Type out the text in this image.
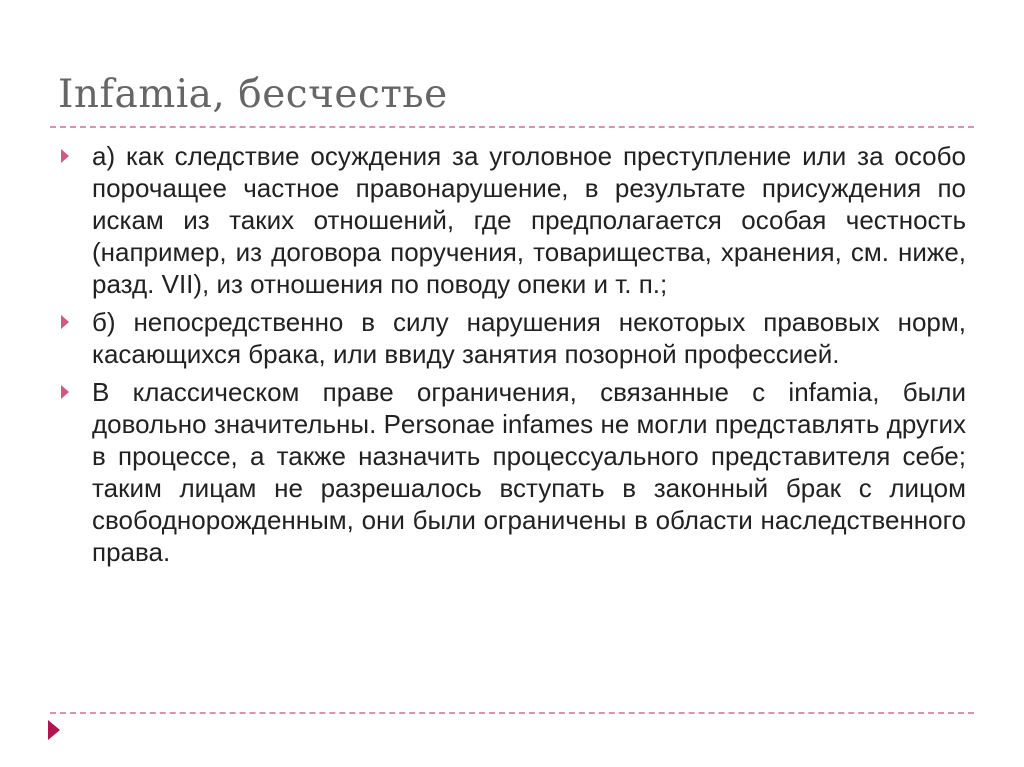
Infamia, бесчестье
а) как следствие осуждения за уголовное преступление или за особо порочащее частное правонарушение, в результате присуждения по искам из таких отношений, где предполагается особая честность (например, из договора поручения, товарищества, хранения, см. ниже, разд. VII), из отношения по поводу опеки и т. п.;
б) непосредственно в силу нарушения некоторых правовых норм, касающихся брака, или ввиду занятия позорной профессией.
В классическом праве ограничения, связанные с infamia, были довольно значительны. Personae infames не могли представлять других в процессе, а также назначить процессуального представителя себе; таким лицам не разрешалось вступать в законный брак с лицом свободнорожденным, они были ограничены в области наследственного права.
